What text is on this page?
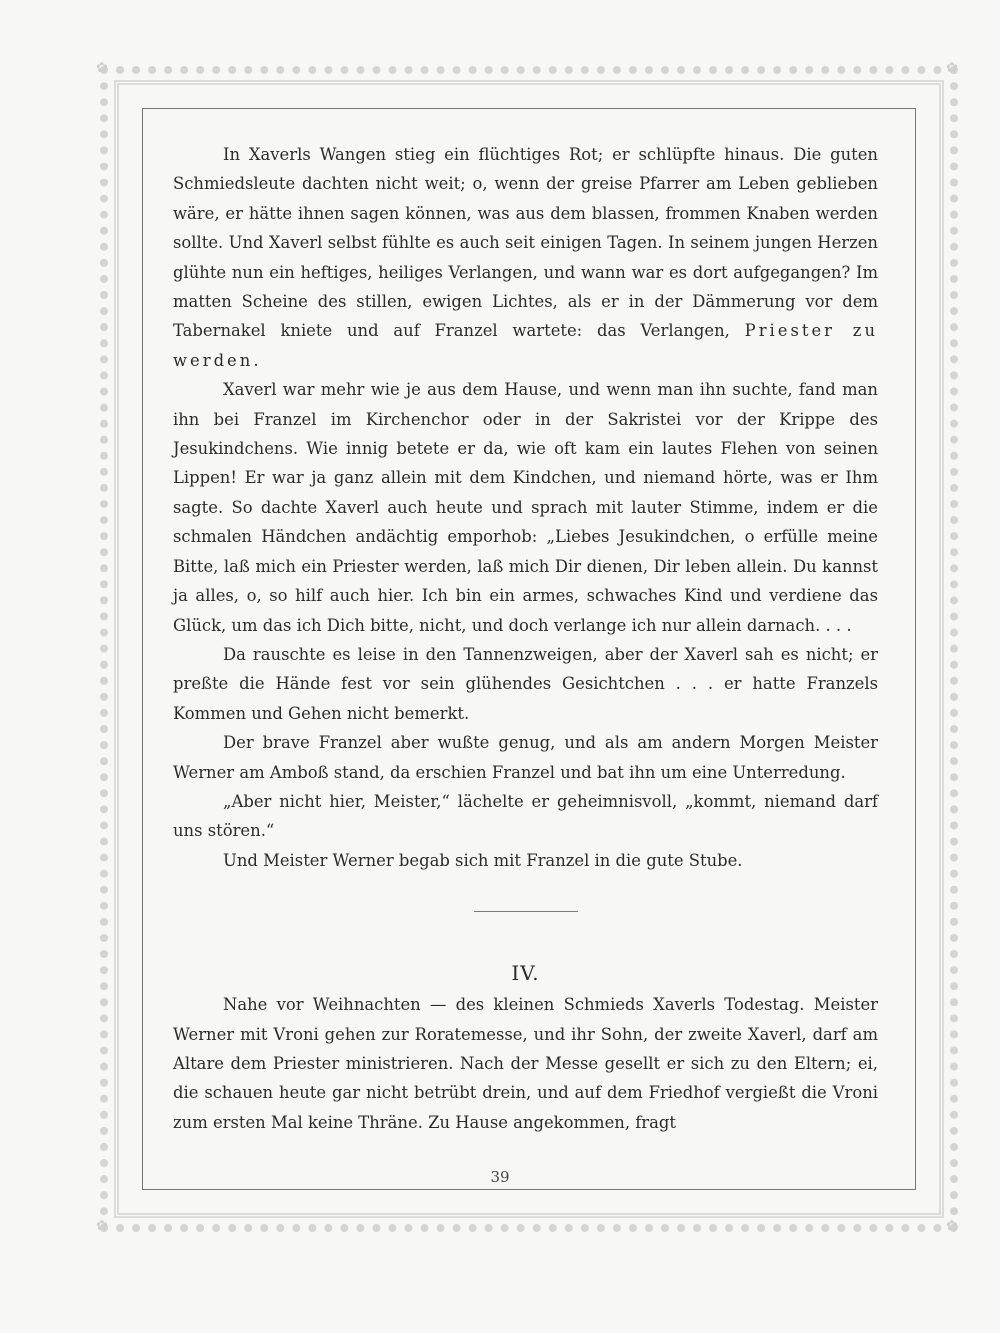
✿	✿
✿	✿

In Xaverls Wangen stieg ein flüchtiges Rot; er schlüpfte hinaus. Die guten Schmiedsleute dachten nicht weit; o, wenn der greise Pfarrer am Leben geblieben wäre, er hätte ihnen sagen können, was aus dem blassen, frommen Knaben werden sollte. Und Xaverl selbst fühlte es auch seit einigen Tagen. In seinem jungen Herzen glühte nun ein heftiges, heiliges Verlangen, und wann war es dort aufgegangen? Im matten Scheine des stillen, ewigen Lichtes, als er in der Dämmerung vor dem Tabernakel kniete und auf Franzel wartete: das Verlangen, Priester zu werden.

Xaverl war mehr wie je aus dem Hause, und wenn man ihn suchte, fand man ihn bei Franzel im Kirchenchor oder in der Sakristei vor der Krippe des Jesukindchens. Wie innig betete er da, wie oft kam ein lautes Flehen von seinen Lippen! Er war ja ganz allein mit dem Kindchen, und niemand hörte, was er Ihm sagte. So dachte Xaverl auch heute und sprach mit lauter Stimme, indem er die schmalen Händchen andächtig emporhob: „Liebes Jesukindchen, o erfülle meine Bitte, laß mich ein Priester werden, laß mich Dir dienen, Dir leben allein. Du kannst ja alles, o, so hilf auch hier. Ich bin ein armes, schwaches Kind und verdiene das Glück, um das ich Dich bitte, nicht, und doch verlange ich nur allein darnach. . . .

Da rauschte es leise in den Tannenzweigen, aber der Xaverl sah es nicht; er preßte die Hände fest vor sein glühendes Gesichtchen . . . er hatte Franzels Kommen und Gehen nicht bemerkt.

Der brave Franzel aber wußte genug, und als am andern Morgen Meister Werner am Amboß stand, da erschien Franzel und bat ihn um eine Unterredung.

„Aber nicht hier, Meister,“ lächelte er geheimnisvoll, „kommt, niemand darf uns stören.“

Und Meister Werner begab sich mit Franzel in die gute Stube.

IV.

Nahe vor Weihnachten — des kleinen Schmieds Xaverls Todestag. Meister Werner mit Vroni gehen zur Roratemesse, und ihr Sohn, der zweite Xaverl, darf am Altare dem Priester ministrieren. Nach der Messe gesellt er sich zu den Eltern; ei, die schauen heute gar nicht betrübt drein, und auf dem Friedhof vergießt die Vroni zum ersten Mal keine Thräne. Zu Hause angekommen, fragt

39
